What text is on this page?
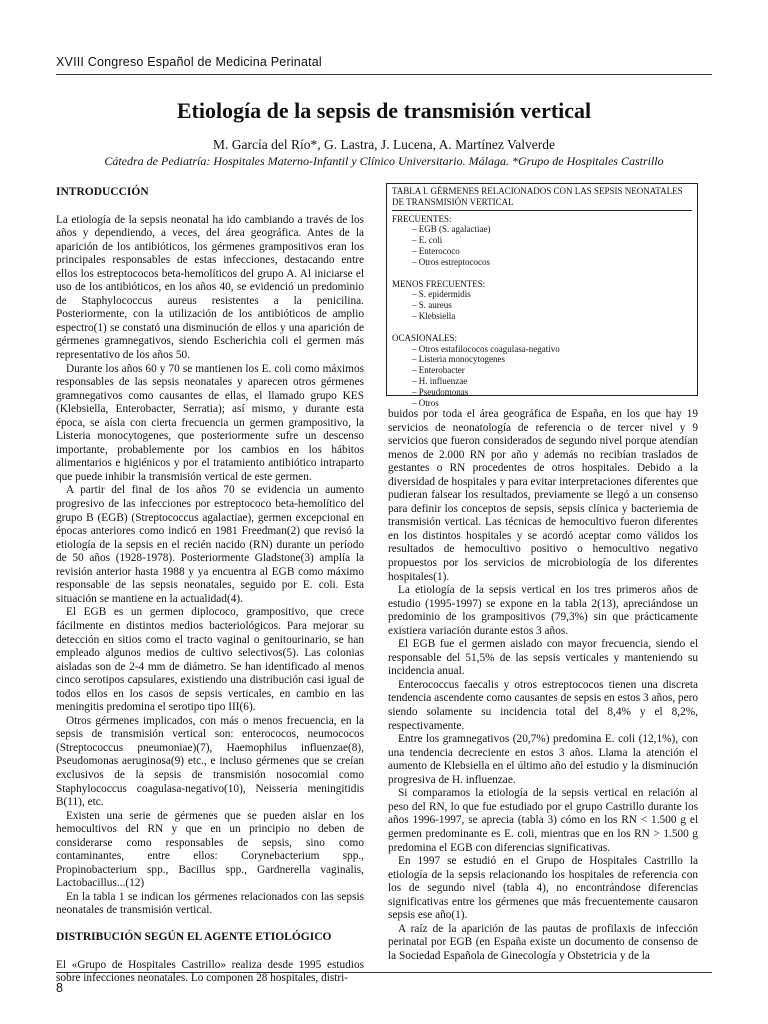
XVIII Congreso Español de Medicina Perinatal
Etiología de la sepsis de transmisión vertical
M. García del Río*, G. Lastra, J. Lucena, A. Martínez Valverde
Cátedra de Pediatría: Hospitales Materno-Infantil y Clínico Universitario. Málaga. *Grupo de Hospitales Castrillo
INTRODUCCIÓN

La etiología de la sepsis neonatal ha ido cambiando a través de los años y dependiendo, a veces, del área geográfica. Antes de la aparición de los antibióticos, los gérmenes grampositivos eran los principales responsables de estas infecciones, destacando entre ellos los estreptococos beta-hemolíticos del grupo A. Al iniciarse el uso de los antibióticos, en los años 40, se evidenció un predominio de Staphylococcus aureus resistentes a la penicilina. Posteriormente, con la utilización de los antibióticos de amplio espectro(1) se constató una disminución de ellos y una aparición de gérmenes gramnegativos, siendo Escherichia coli el germen más representativo de los años 50.

Durante los años 60 y 70 se mantienen los E. coli como máximos responsables de las sepsis neonatales y aparecen otros gérmenes gramnegativos como causantes de ellas, el llamado grupo KES (Klebsiella, Enterobacter, Serratia); así mismo, y durante esta época, se aísla con cierta frecuencia un germen grampositivo, la Listeria monocytogenes, que posteriormente sufre un descenso importante, probablemente por los cambios en los hábitos alimentarios e higiénicos y por el tratamiento antibiótico intraparto que puede inhibir la transmisión vertical de este germen.

A partir del final de los años 70 se evidencia un aumento progresivo de las infecciones por estreptococo beta-hemolítico del grupo B (EGB) (Streptococcus agalactiae), germen excepcional en épocas anteriores como indicó en 1981 Freedman(2) que revisó la etiología de la sepsis en el recién nacido (RN) durante un período de 50 años (1928-1978). Posteriormente Gladstone(3) amplía la revisión anterior hasta 1988 y ya encuentra al EGB como máximo responsable de las sepsis neonatales, seguido por E. coli. Esta situación se mantiene en la actualidad(4).

El EGB es un germen diplococo, grampositivo, que crece fácilmente en distintos medios bacteriológicos. Para mejorar su detección en sitios como el tracto vaginal o genitourinario, se han empleado algunos medios de cultivo selectivos(5). Las colonias aisladas son de 2-4 mm de diámetro. Se han identificado al menos cinco serotipos capsulares, existiendo una distribución casi igual de todos ellos en los casos de sepsis verticales, en cambio en las meningitis predomina el serotipo tipo III(6).

Otros gérmenes implicados, con más o menos frecuencia, en la sepsis de transmisión vertical son: enterococos, neumococos (Streptococcus pneumoniae)(7), Haemophilus influenzae(8), Pseudomonas aeruginosa(9) etc., e incluso gérmenes que se creían exclusivos de la sepsis de transmisión nosocomial como Staphylococcus coagulasa-negativo(10), Neisseria meningitidis B(11), etc.

Existen una serie de gérmenes que se pueden aislar en los hemocultivos del RN y que en un principio no deben de considerarse como responsables de sepsis, sino como contaminantes, entre ellos: Corynebacterium spp., Propinobacterium spp., Bacillus spp., Gardnerella vaginalis, Lactobacillus...(12)

En la tabla 1 se indican los gérmenes relacionados con las sepsis neonatales de transmisión vertical.

DISTRIBUCIÓN SEGÚN EL AGENTE ETIOLÓGICO

El «Grupo de Hospitales Castrillo» realiza desde 1995 estudios sobre infecciones neonatales. Lo componen 28 hospitales, distri-

TABLA I. GÉRMENES RELACIONADOS CON LAS SEPSIS NEONATALES DE TRANSMISIÓN VERTICAL
FRECUENTES:
– EGB (S. agalactiae)
– E. coli
– Enterococo
– Otros estreptococos
MENOS FRECUENTES:
– S. epidermidis
– S. aureus
– Klebsiella
OCASIONALES:
– Otros estafilococos coagulasa-negativo
– Listeria monocytogenes
– Enterobacter
– H. influenzae
– Pseudomonas
– Otros

buidos por toda el área geográfica de España, en los que hay 19 servicios de neonatología de referencia o de tercer nivel y 9 servicios que fueron considerados de segundo nivel porque atendían menos de 2.000 RN por año y además no recibían traslados de gestantes o RN procedentes de otros hospitales. Debido a la diversidad de hospitales y para evitar interpretaciones diferentes que pudieran falsear los resultados, previamente se llegó a un consenso para definir los conceptos de sepsis, sepsis clínica y bacteriemia de transmisión vertical. Las técnicas de hemocultivo fueron diferentes en los distintos hospitales y se acordó aceptar como válidos los resultados de hemocultivo positivo o hemocultivo negativo propuestos por los servicios de microbiología de los diferentes hospitales(1).

La etiología de la sepsis vertical en los tres primeros años de estudio (1995-1997) se expone en la tabla 2(13), apreciándose un predominio de los grampositivos (79,3%) sin que prácticamente existiera variación durante estos 3 años.

El EGB fue el germen aislado con mayor frecuencia, siendo el responsable del 51,5% de las sepsis verticales y manteniendo su incidencia anual.

Enterococcus faecalis y otros estreptococos tienen una discreta tendencia ascendente como causantes de sepsis en estos 3 años, pero siendo solamente su incidencia total del 8,4% y el 8,2%, respectivamente.

Entre los gramnegativos (20,7%) predomina E. coli (12,1%), con una tendencia decreciente en estos 3 años. Llama la atención el aumento de Klebsiella en el último año del estudio y la disminución progresiva de H. influenzae.

Si comparamos la etiología de la sepsis vertical en relación al peso del RN, lo que fue estudiado por el grupo Castrillo durante los años 1996-1997, se aprecia (tabla 3) cómo en los RN < 1.500 g el germen predominante es E. coli, mientras que en los RN > 1.500 g predomina el EGB con diferencias significativas.

En 1997 se estudió en el Grupo de Hospitales Castrillo la etiología de la sepsis relacionando los hospitales de referencia con los de segundo nivel (tabla 4), no encontrándose diferencias significativas entre los gérmenes que más frecuentemente causaron sepsis ese año(1).

A raíz de la aparición de las pautas de profilaxis de infección perinatal por EGB (en España existe un documento de consenso de la Sociedad Española de Ginecología y Obstetricia y de la

8
